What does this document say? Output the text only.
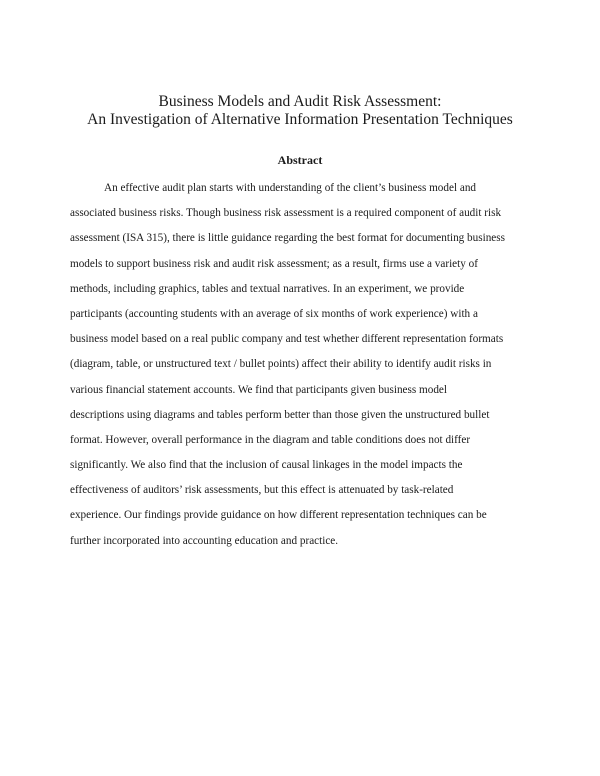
Business Models and Audit Risk Assessment:
An Investigation of Alternative Information Presentation Techniques
Abstract
An effective audit plan starts with understanding of the client’s business model and
associated business risks. Though business risk assessment is a required component of audit risk
assessment (ISA 315), there is little guidance regarding the best format for documenting business
models to support business risk and audit risk assessment; as a result, firms use a variety of
methods, including graphics, tables and textual narratives. In an experiment, we provide
participants (accounting students with an average of six months of work experience) with a
business model based on a real public company and test whether different representation formats
(diagram, table, or unstructured text / bullet points) affect their ability to identify audit risks in
various financial statement accounts. We find that participants given business model
descriptions using diagrams and tables perform better than those given the unstructured bullet
format. However, overall performance in the diagram and table conditions does not differ
significantly. We also find that the inclusion of causal linkages in the model impacts the
effectiveness of auditors’ risk assessments, but this effect is attenuated by task-related
experience. Our findings provide guidance on how different representation techniques can be
further incorporated into accounting education and practice.
